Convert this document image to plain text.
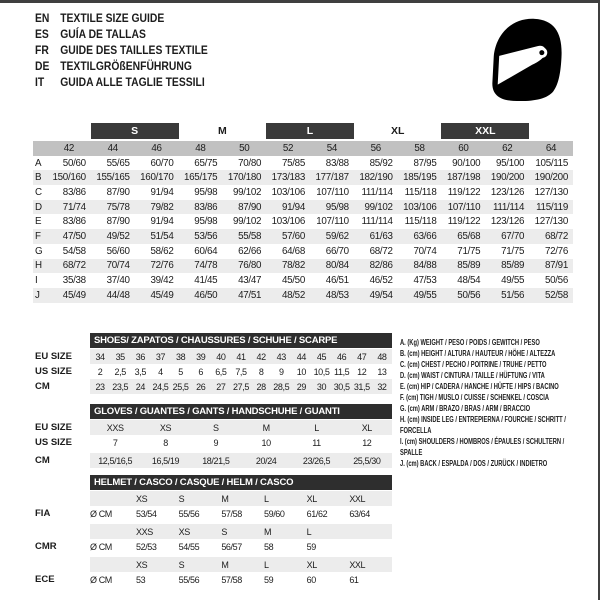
EN TEXTILE SIZE GUIDE
ES GUÍA DE TALLAS
FR GUIDE DES TAILLES TEXTILE
DE TEXTILGRÖßENFÜHRUNG
IT GUIDA ALLE TAGLIE TESSILI
S	M	L	XL	XXL
42	44	46	48	50	52	54	56	58	60	62	64
A	50/60	55/65	60/70	65/75	70/80	75/85	83/88	85/92	87/95	90/100	95/100	105/115
B	150/160	155/165	160/170	165/175	170/180	173/183	177/187	182/190	185/195	187/198	190/200	190/200
C	83/86	87/90	91/94	95/98	99/102	103/106	107/110	111/114	115/118	119/122	123/126	127/130
D	71/74	75/78	79/82	83/86	87/90	91/94	95/98	99/102	103/106	107/110	111/114	115/119
E	83/86	87/90	91/94	95/98	99/102	103/106	107/110	111/114	115/118	119/122	123/126	127/130
F	47/50	49/52	51/54	53/56	55/58	57/60	59/62	61/63	63/66	65/68	67/70	68/72
G	54/58	56/60	58/62	60/64	62/66	64/68	66/70	68/72	70/74	71/75	71/75	72/76
H	68/72	70/74	72/76	74/78	76/80	78/82	80/84	82/86	84/88	85/89	85/89	87/91
I	35/38	37/40	39/42	41/45	43/47	45/50	46/51	46/52	47/53	48/54	49/55	50/56
J	45/49	44/48	45/49	46/50	47/51	48/52	48/53	49/54	49/55	50/56	51/56	52/58
SHOES/ ZAPATOS / CHAUSSURES / SCHUHE / SCARPE
EU SIZE	34	35	36	37	38	39	40	41	42	43	44	45	46	47	48
US SIZE	2	2,5 3,5	4	5	6	6,5 7,5	8	9	10 10,5 11,5 12	13
CM	23 23,5 24 24,5 25,5 26	27 27,5 28 28,5 29	30 30,5 31,5 32
GLOVES / GUANTES / GANTS / HANDSCHUHE / GUANTI
EU SIZE	XXS	XS	S	M	L	XL
US SIZE	7	8	9	10	11	12
CM	12,5/16,5	16,5/19	18/21,5	20/24	23/26,5	25,5/30
HELMET / CASCO / CASQUE / HELM / CASCO
XS	S	M	L	XL	XXL
FIA	Ø CM	53/54	55/56	57/58	59/60	61/62	63/64
XXS	XS	S	M	L
CMR	Ø CM	52/53	54/55	56/57	58	59
XS	S	M	L	XL	XXL
ECE	Ø CM	53	55/56	57/58	59	60	61
A. (Kg) WEIGHT / PESO / POIDS / GEWITCH / PESO
B. (cm) HEIGHT / ALTURA / HAUTEUR / HÖHE / ALTEZZA
C. (cm) CHEST / PECHO / POITRINE / TRUHE / PETTO
D. (cm) WAIST / CINTURA / TAILLE / HÜFTUNG / VITA
E. (cm) HIP / CADERA / HANCHE / HÜFTE / HIPS / BACINO
F. (cm) TIGH / MUSLO / CUISSE / SCHENKEL / COSCIA
G. (cm) ARM / BRAZO / BRAS / ARM / BRACCIO
H. (cm) INSIDE LEG / ENTREPIERNA / FOURCHE / SCHRITT / FORCELLA
I. (cm) SHOULDERS / HOMBROS / ÉPAULES / SCHULTERN / SPALLE
J. (cm) BACK / ESPALDA / DOS / ZURÜCK / INDIETRO
